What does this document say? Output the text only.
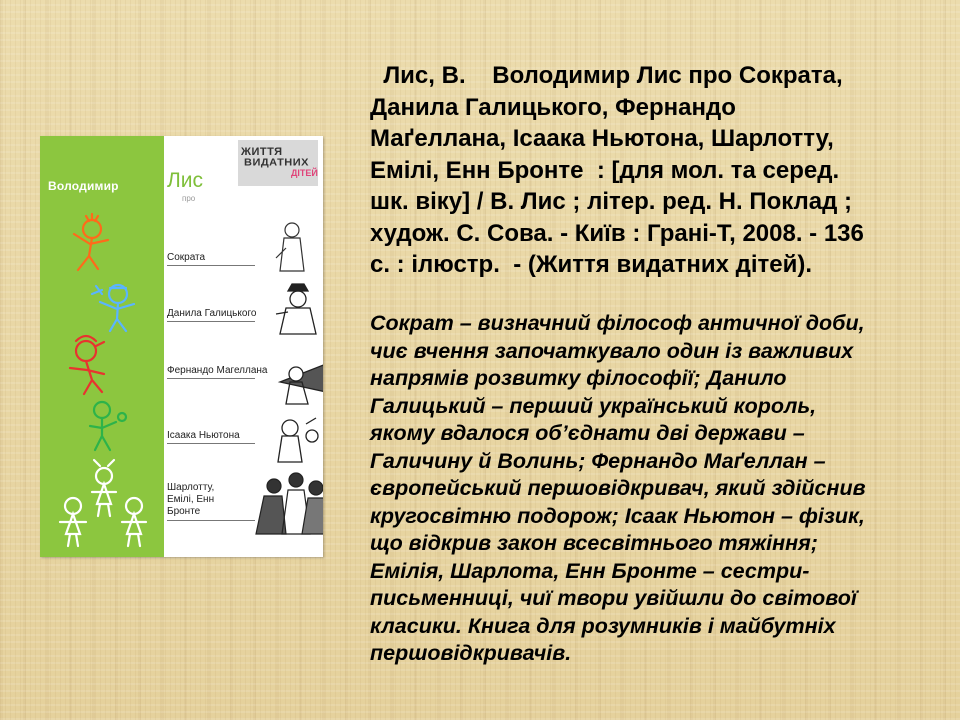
Володимир Лис
про
ЖИТТЯ
ВИДАТНИХ
ДІТЕЙ
Сократа
Данила Галицького
Фернандо Магеллана
Ісаака Ньютона
Шарлотту,
Емілі, Енн
Бронте

Лис, В.    Володимир Лис про Сократа,
Данила Галицького, Фернандо
Маґеллана, Ісаака Ньютона, Шарлотту,
Емілі, Енн Бронте  : [для мол. та серед.
шк. віку] / В. Лис ; літер. ред. Н. Поклад ;
худож. С. Сова. - Київ : Грані-Т, 2008. - 136
с. : ілюстр.  - (Життя видатних дітей).

Сократ – визначний філософ античної доби,
чиє вчення започаткувало один із важливих
напрямів розвитку філософії; Данило
Галицький – перший український король,
якому вдалося об’єднати дві держави –
Галичину й Волинь; Фернандо Маґеллан –
європейський першовідкривач, який здійснив
кругосвітню подорож; Ісаак Ньютон – фізик,
що відкрив закон всесвітнього тяжіння;
Емілія, Шарлота, Енн Бронте – сестри-
письменниці, чиї твори увійшли до світової
класики. Книга для розумників і майбутніх
першовідкривачів.
